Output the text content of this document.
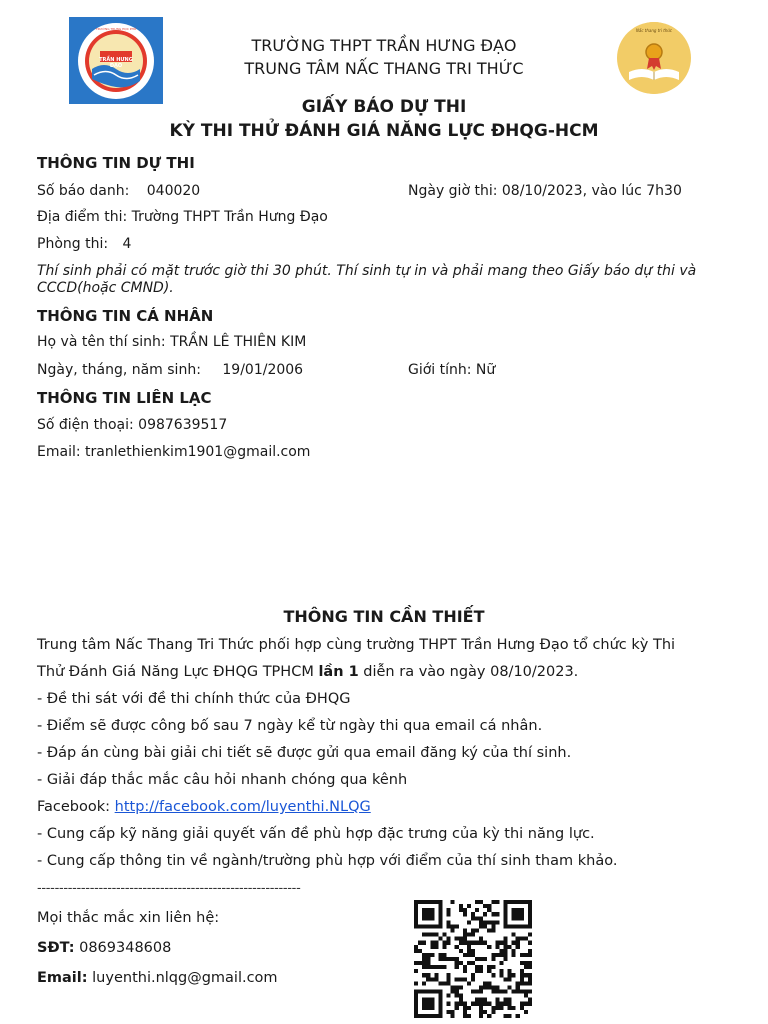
TRẦN HƯNG ĐẠO
TRƯỜNG TRUNG HỌC PHỔ THÔNG	Nấc thang tri thức
TRƯỜNG THPT TRẦN HƯNG ĐẠO
TRUNG TÂM NẤC THANG TRI THỨC
GIẤY BÁO DỰ THI
KỲ THI THỬ ĐÁNH GIÁ NĂNG LỰC ĐHQG-HCM
THÔNG TIN DỰ THI
Số báo danh: 040020	Ngày giờ thi: 08/10/2023, vào lúc 7h30
Địa điểm thi: Trường THPT Trần Hưng Đạo
Phòng thi: 4
Thí sinh phải có mặt trước giờ thi 30 phút. Thí sinh tự in và phải mang theo Giấy báo dự thi và
CCCD(hoặc CMND).
THÔNG TIN CÁ NHÂN
Họ và tên thí sinh: TRẦN LÊ THIÊN KIM
Ngày, tháng, năm sinh: 19/01/2006	Giới tính: Nữ
THÔNG TIN LIÊN LẠC
Số điện thoại: 0987639517
Email: tranlethienkim1901@gmail.com
THÔNG TIN CẦN THIẾT
Trung tâm Nấc Thang Tri Thức phối hợp cùng trường THPT Trần Hưng Đạo tổ chức kỳ Thi
Thử Đánh Giá Năng Lực ĐHQG TPHCM lần 1 diễn ra vào ngày 08/10/2023.
- Đề thi sát với đề thi chính thức của ĐHQG
- Điểm sẽ được công bố sau 7 ngày kể từ ngày thi qua email cá nhân.
- Đáp án cùng bài giải chi tiết sẽ được gửi qua email đăng ký của thí sinh.
- Giải đáp thắc mắc câu hỏi nhanh chóng qua kênh
Facebook: http://facebook.com/luyenthi.NLQG
- Cung cấp kỹ năng giải quyết vấn đề phù hợp đặc trưng của kỳ thi năng lực.
- Cung cấp thông tin về ngành/trường phù hợp với điểm của thí sinh tham khảo.
------------------------------------------------------------
Mọi thắc mắc xin liên hệ:
SĐT: 0869348608
Email: luyenthi.nlqg@gmail.com
